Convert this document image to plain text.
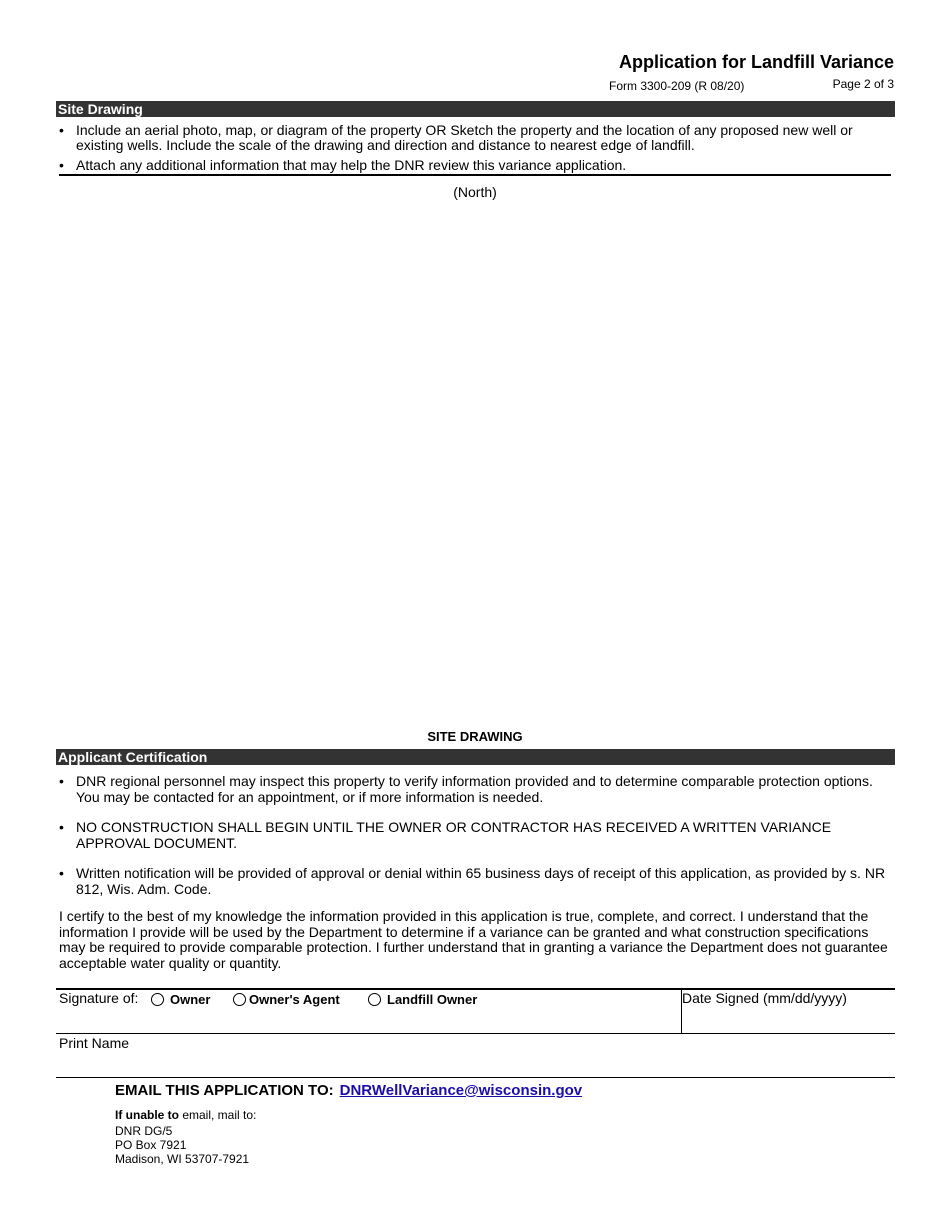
Application for Landfill Variance
Form 3300-209 (R 08/20)	Page 2 of 3
Site Drawing
• Include an aerial photo, map, or diagram of the property OR Sketch the property and the location of any proposed new well or existing wells. Include the scale of the drawing and direction and distance to nearest edge of landfill.
• Attach any additional information that may help the DNR review this variance application.
(North)
SITE DRAWING
Applicant Certification
• DNR regional personnel may inspect this property to verify information provided and to determine comparable protection options. You may be contacted for an appointment, or if more information is needed.
• NO CONSTRUCTION SHALL BEGIN UNTIL THE OWNER OR CONTRACTOR HAS RECEIVED A WRITTEN VARIANCE APPROVAL DOCUMENT.
• Written notification will be provided of approval or denial within 65 business days of receipt of this application, as provided by s. NR 812, Wis. Adm. Code.
I certify to the best of my knowledge the information provided in this application is true, complete, and correct. I understand that the information I provide will be used by the Department to determine if a variance can be granted and what construction specifications may be required to provide comparable protection. I further understand that in granting a variance the Department does not guarantee acceptable water quality or quantity.
Signature of: Owner	Owner's Agent	Landfill Owner	Date Signed (mm/dd/yyyy)
Print Name
EMAIL THIS APPLICATION TO: DNRWellVariance@wisconsin.gov
If unable to email, mail to:
DNR DG/5
PO Box 7921
Madison, WI 53707-7921
